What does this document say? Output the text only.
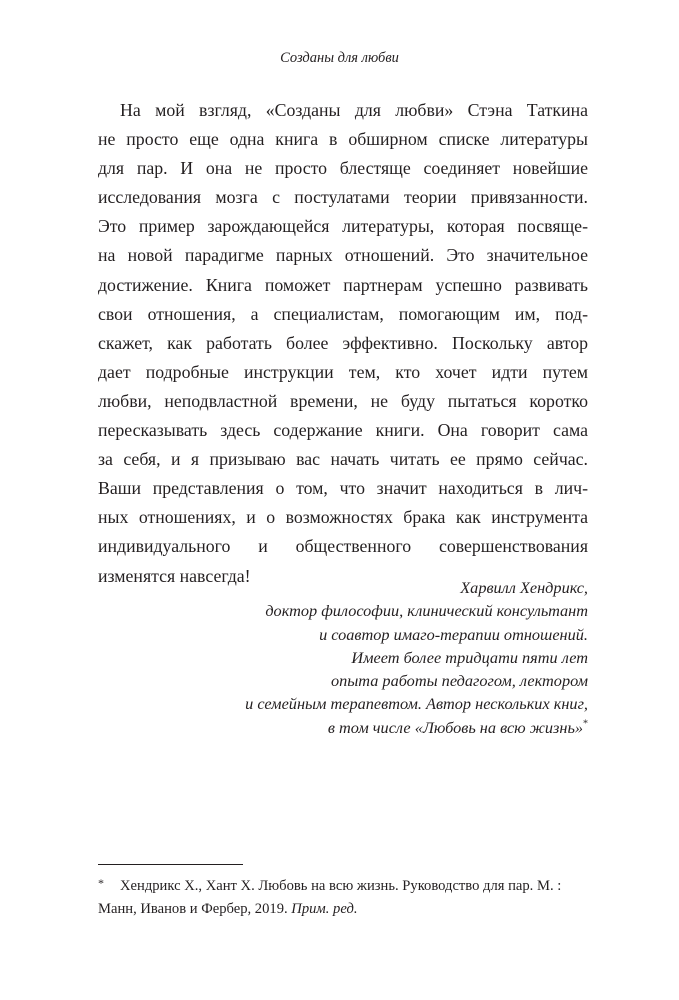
Созданы для любви
На мой взгляд, «Созданы для любви» Стэна Таткина
не просто еще одна книга в обширном списке литературы
для пар. И она не просто блестяще соединяет новейшие
исследования мозга с постулатами теории привязанности.
Это пример зарождающейся литературы, которая посвяще-
на новой парадигме парных отношений. Это значительное
достижение. Книга поможет партнерам успешно развивать
свои отношения, а специалистам, помогающим им, под-
скажет, как работать более эффективно. Поскольку автор
дает подробные инструкции тем, кто хочет идти путем
любви, неподвластной времени, не буду пытаться коротко
пересказывать здесь содержание книги. Она говорит сама
за себя, и я призываю вас начать читать ее прямо сейчас.
Ваши представления о том, что значит находиться в лич-
ных отношениях, и о возможностях брака как инструмента
индивидуального и общественного совершенствования
изменятся навсегда!
Харвилл Хендрикс,
доктор философии, клинический консультант
и соавтор имаго-терапии отношений.
Имеет более тридцати пяти лет
опыта работы педагогом, лектором
и семейным терапевтом. Автор нескольких книг,
в том числе «Любовь на всю жизнь»*
* Хендрикс Х., Хант Х. Любовь на всю жизнь. Руководство для пар. М. :
Манн, Иванов и Фербер, 2019. Прим. ред.
